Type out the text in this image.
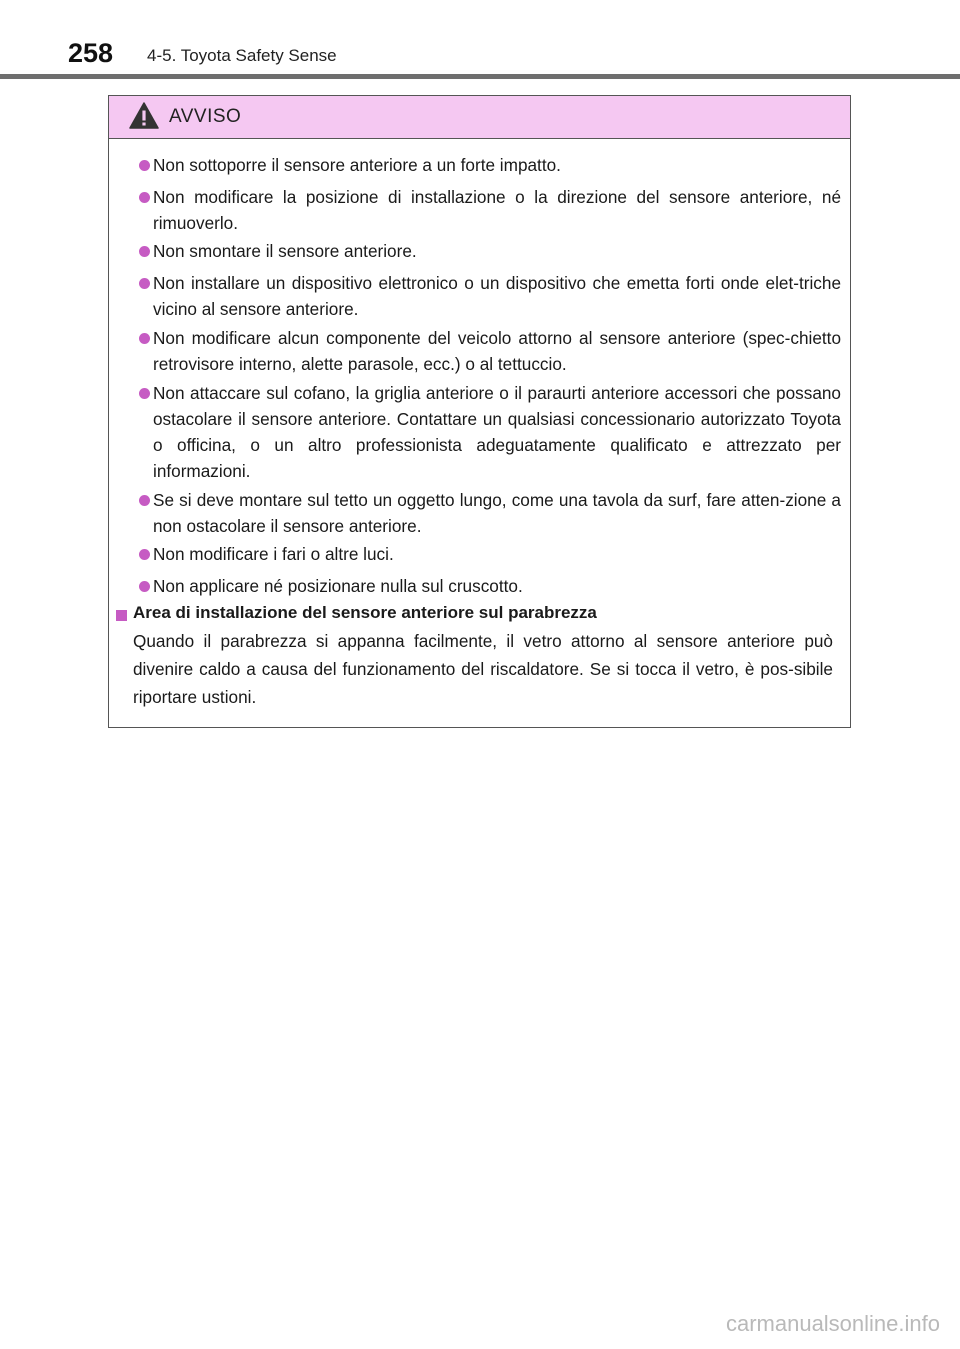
258 4-5. Toyota Safety Sense
AVVISO
Non sottoporre il sensore anteriore a un forte impatto.
Non modificare la posizione di installazione o la direzione del sensore anteriore, né rimuoverlo.
Non smontare il sensore anteriore.
Non installare un dispositivo elettronico o un dispositivo che emetta forti onde elet-triche vicino al sensore anteriore.
Non modificare alcun componente del veicolo attorno al sensore anteriore (spec-chietto retrovisore interno, alette parasole, ecc.) o al tettuccio.
Non attaccare sul cofano, la griglia anteriore o il paraurti anteriore accessori che possano ostacolare il sensore anteriore. Contattare un qualsiasi concessionario autorizzato Toyota o officina, o un altro professionista adeguatamente qualificato e attrezzato per informazioni.
Se si deve montare sul tetto un oggetto lungo, come una tavola da surf, fare atten-zione a non ostacolare il sensore anteriore.
Non modificare i fari o altre luci.
Non applicare né posizionare nulla sul cruscotto.
Area di installazione del sensore anteriore sul parabrezza
Quando il parabrezza si appanna facilmente, il vetro attorno al sensore anteriore può divenire caldo a causa del funzionamento del riscaldatore. Se si tocca il vetro, è pos-sibile riportare ustioni.
carmanualsonline.info
